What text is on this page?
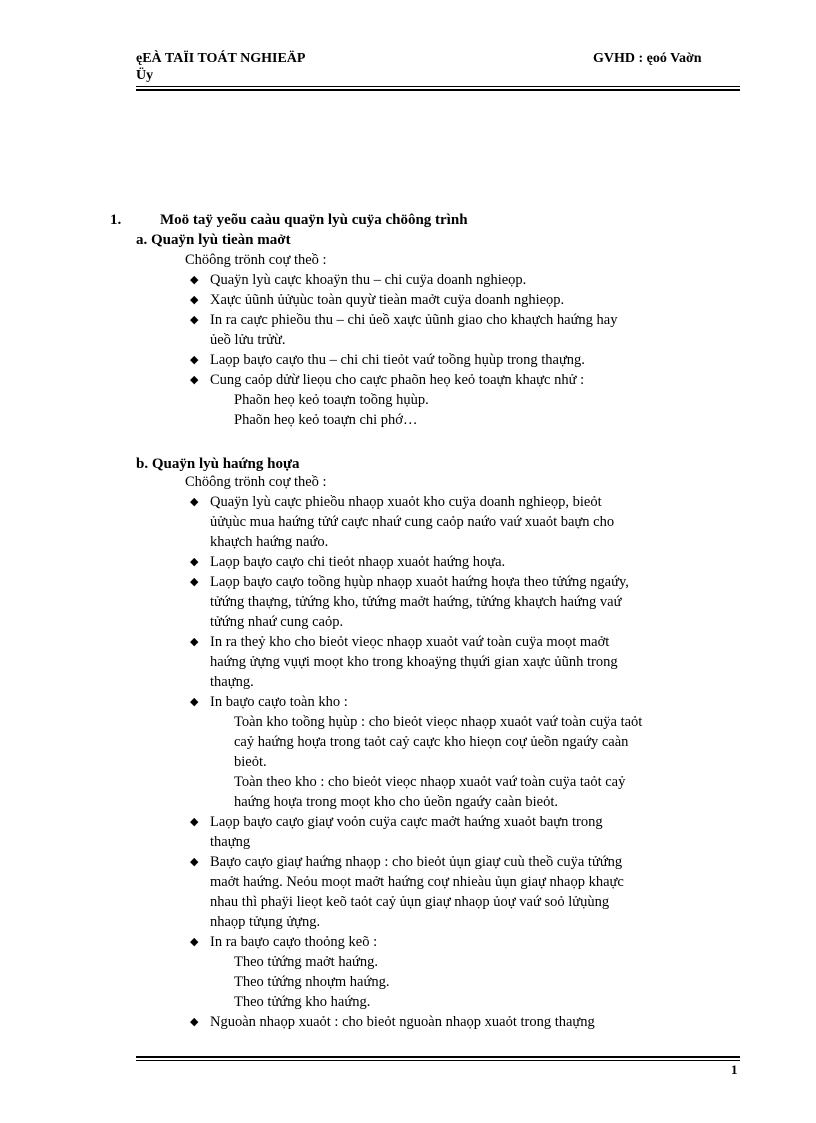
ęEÀ TAÏI TOÁT NGHIEÄP
Üy
GVHD : ęoó Vaờn
1.	Moö taÿ yeõu caàu quaÿn lyù cuÿa chöông trình
a. Quaÿn lyù tieàn maởt
Chöông trönh coự theồ :
◆ Quaÿn lyù caực khoaÿn thu – chi cuÿa doanh nghieọp.
◆ Xaực ủũnh ủửụùc toàn quyừ tieàn maởt cuÿa doanh nghieọp.
◆ In ra caực phieồu thu – chi ủeồ xaực ủũnh giao cho khaựch haứng hay
ủeồ lửu trửừ.
◆ Laọp baựo caựo thu – chi chi tieỏt vaứ toồng hụùp trong thaựng.
◆ Cung caỏp dửừ lieọu cho caực phaõn heọ keỏ toaựn khaực nhử :
Phaõn heọ keỏ toaựn toồng hụùp.
Phaõn heọ keỏ toaựn chi phớ…
b. Quaÿn lyù haứng hoựa
Chöông trönh coự theồ :
◆ Quaÿn lyù caực phieồu nhaọp xuaỏt kho cuÿa doanh nghieọp, bieỏt
ủửụùc mua haứng tửứ caực nhaứ cung caỏp naứo vaứ xuaỏt baựn cho
khaựch haứng naứo.
◆ Laọp baựo caựo chi tieỏt nhaọp xuaỏt haứng hoựa.
◆ Laọp baựo caựo toồng hụùp nhaọp xuaỏt haứng hoựa theo tửứng ngaứy,
tửứng thaựng, tửứng kho, tửứng maởt haứng, tửứng khaựch haứng vaứ
tửứng nhaứ cung caỏp.
◆ In ra theỷ kho cho bieỏt vieọc nhaọp xuaỏt vaứ toàn cuÿa moọt maởt
haứng ửựng vụựi moọt kho trong khoaÿng thụứi gian xaực ủũnh trong
thaựng.
◆ In baựo caựo toàn kho :
Toàn kho toồng hụùp : cho bieỏt vieọc nhaọp xuaỏt vaứ toàn cuÿa taỏt
caỷ haứng hoựa trong taỏt caỷ caực kho hieọn coự ủeồn ngaứy caàn
bieỏt.
Toàn theo kho : cho bieỏt vieọc nhaọp xuaỏt vaứ toàn cuÿa taỏt caỷ
haứng hoựa trong moọt kho cho ủeồn ngaứy caàn bieỏt.
◆ Laọp baựo caựo giaự voỏn cuÿa caực maởt haứng xuaỏt baựn trong
thaựng
◆ Baựo caựo giaự haứng nhaọp : cho bieỏt ủụn giaự cuù theồ cuÿa tửứng
maởt haứng. Neỏu moọt maởt haứng coự nhieàu ủụn giaự nhaọp khaực
nhau thì phaÿi lieọt keõ taỏt caỷ ủụn giaự nhaọp ủoự vaứ soỏ lửụùng
nhaọp tửụng ửựng.
◆ In ra baựo caựo thoỏng keõ :
Theo tửứng maởt haứng.
Theo tửứng nhoựm haứng.
Theo tửứng kho haứng.
◆ Nguoàn nhaọp xuaỏt : cho bieỏt nguoàn nhaọp xuaỏt trong thaựng
1
